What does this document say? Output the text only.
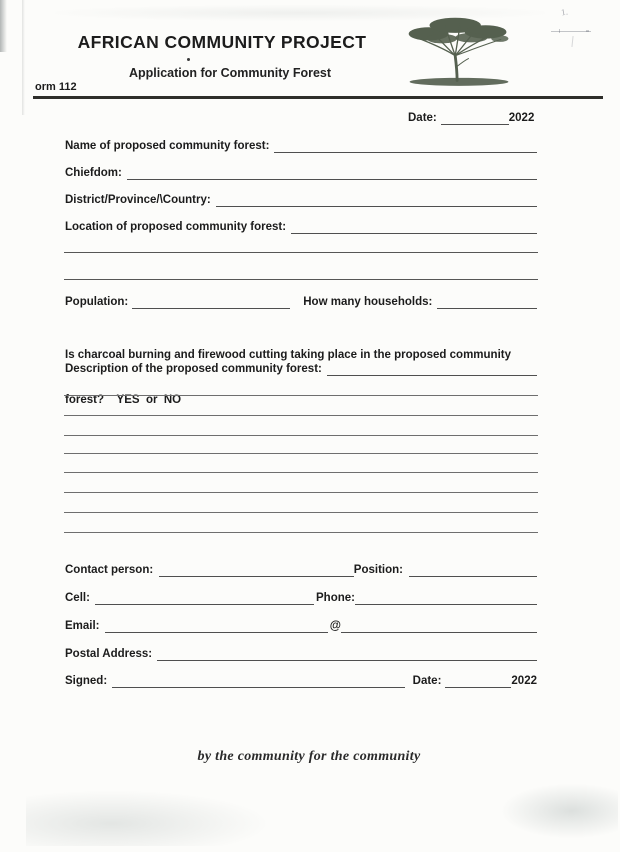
AFRICAN COMMUNITY PROJECT
Application for Community Forest
orm 112
1.
Date:	2022
Name of proposed community forest:
Chiefdom:
District/Province/\Country:
Location of proposed community forest:
Population:	How many households:

Is charcoal burning and firewood cutting taking place in the proposed community

forest?    YES  or  NO

Description of the proposed community forest:
Contact person:	Position:
Cell:	Phone:
Email:	@
Postal Address:
Signed:	Date:	2022
by the community for the community
